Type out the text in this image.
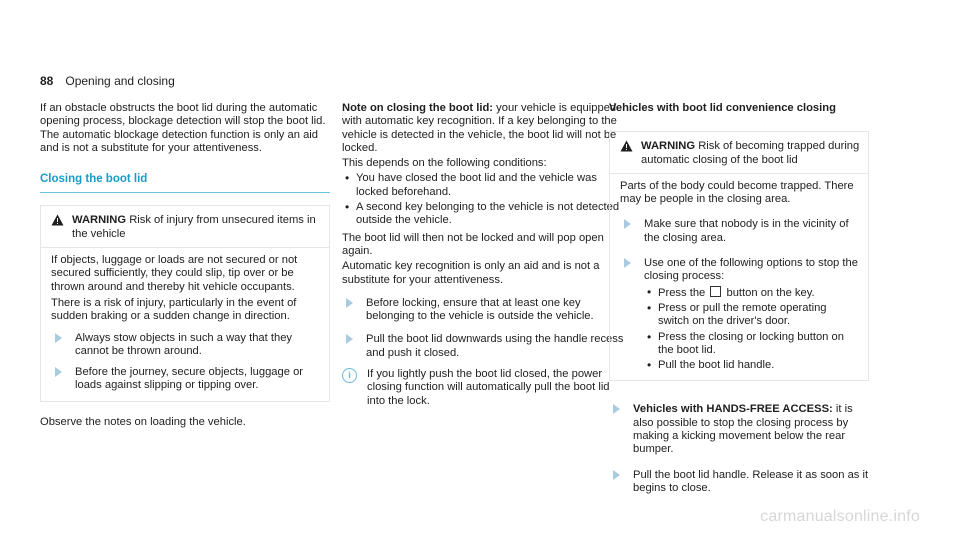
88 Opening and closing

If an obstacle obstructs the boot lid during the automatic opening process, blockage detection will stop the boot lid. The automatic blockage detection function is only an aid and is not a substitute for your attentiveness.

Closing the boot lid

WARNING Risk of injury from unsecured items in the vehicle

If objects, luggage or loads are not secured or not secured sufficiently, they could slip, tip over or be thrown around and thereby hit vehicle occupants.

There is a risk of injury, particularly in the event of sudden braking or a sudden change in direction.

Always stow objects in such a way that they cannot be thrown around.

Before the journey, secure objects, luggage or loads against slipping or tipping over.

Observe the notes on loading the vehicle.

Note on closing the boot lid: your vehicle is equipped with automatic key recognition. If a key belonging to the vehicle is detected in the vehicle, the boot lid will not be locked.

This depends on the following conditions:

• You have closed the boot lid and the vehicle was locked beforehand.
• A second key belonging to the vehicle is not detected outside the vehicle.

The boot lid will then not be locked and will pop open again.

Automatic key recognition is only an aid and is not a substitute for your attentiveness.

Before locking, ensure that at least one key belonging to the vehicle is outside the vehicle.

Pull the boot lid downwards using the handle recess and push it closed.

i	If you lightly push the boot lid closed, the power closing function will automatically pull the boot lid into the lock.

Vehicles with boot lid convenience closing

WARNING Risk of becoming trapped during automatic closing of the boot lid

Parts of the body could become trapped. There may be people in the closing area.

Make sure that nobody is in the vicinity of the closing area.

Use one of the following options to stop the closing process:

• Press the button on the key.
• Press or pull the remote operating switch on the driver's door.
• Press the closing or locking button on the boot lid.
• Pull the boot lid handle.

Vehicles with HANDS-FREE ACCESS: it is also possible to stop the closing process by making a kicking movement below the rear bumper.

Pull the boot lid handle. Release it as soon as it begins to close.

carmanualsonline.info
